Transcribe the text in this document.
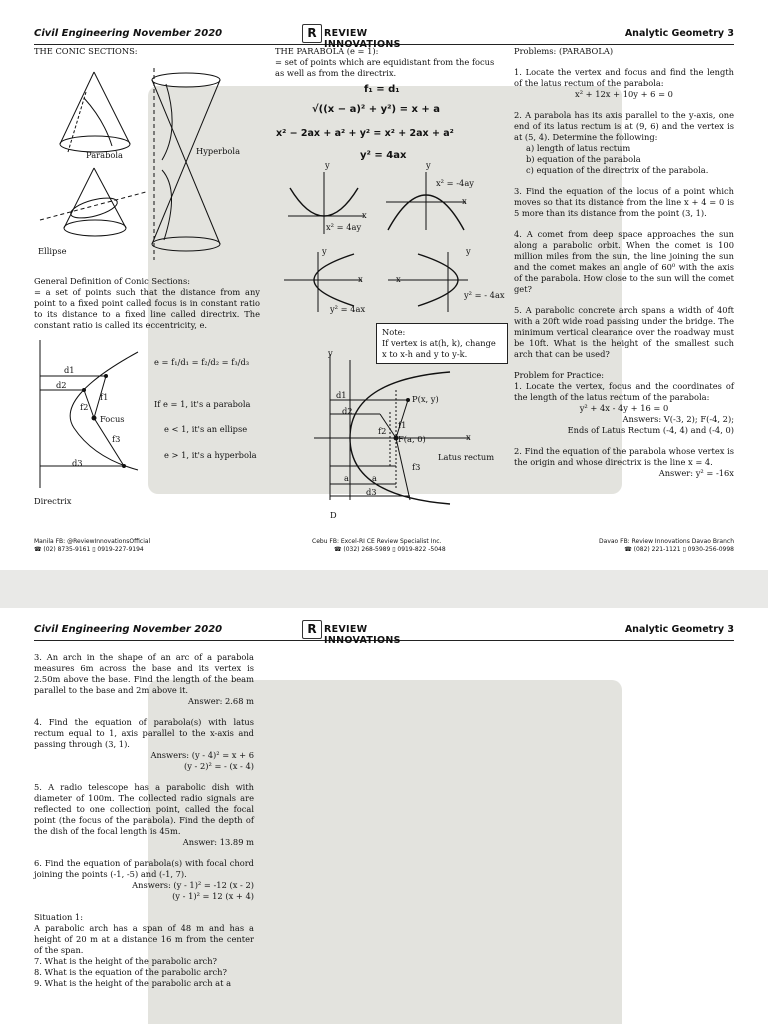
Civil Engineering November 2020	R REVIEW INNOVATIONS
Analytic Geometry 3
THE CONIC SECTIONS:
Parabola	Hyperbola
Ellipse
General Definition of Conic Sections:
= a set of points such that the distance from any point to a fixed point called focus is in constant ratio to its distance to a fixed line called directrix. The constant ratio is called its eccentricity, e.
d1
d2
d3
f1
f2
f3
Focus
Directrix
e = f₁/d₁ = f₂/d₂ = f₃/d₃
If e = 1, it's a parabola
e < 1, it's an ellipse
e > 1, it's a hyperbola
THE PARABOLA (e = 1):
= set of points which are equidistant from the focus as well as from the directrix.
f₁ = d₁
√((x − a)² + y²) = x + a
x² − 2ax + a² + y² = x² + 2ax + a²
y² = 4ax
y
x
y
x
x² = 4ay
x² = -4ay
y
x
y
x
y² = 4ax
y² = - 4ax
Note:
If vertex is at(h, k), change x to x-h and y to y-k.
y
x
P(x, y)
F(a, 0)
Latus rectum
d1
d2
d3
f1
f2
f3
a	a
D
Problems: (PARABOLA)
1. Locate the vertex and focus and find the length of the latus rectum of the parabola:
x² + 12x + 10y + 6 = 0
2. A parabola has its axis parallel to the y-axis, one end of its latus rectum is at (9, 6) and the vertex is at (5, 4). Determine the following:
a) length of latus rectum
b) equation of the parabola
c) equation of the directrix of the parabola.
3. Find the equation of the locus of a point which moves so that its distance from the line x + 4 = 0 is 5 more than its distance from the point (3, 1).
4. A comet from deep space approaches the sun along a parabolic orbit. When the comet is 100 million miles from the sun, the line joining the sun and the comet makes an angle of 60⁰ with the axis of the parabola. How close to the sun will the comet get?
5. A parabolic concrete arch spans a width of 40ft with a 20ft wide road passing under the bridge. The minimum vertical clearance over the roadway must be 10ft. What is the height of the smallest such arch that can be used?
Problem for Practice:
1. Locate the vertex, focus and the coordinates of the length of the latus rectum of the parabola:
y² + 4x - 4y + 16 = 0
Answers: V(-3, 2); F(-4, 2);
Ends of Latus Rectum (-4, 4) and (-4, 0)
2. Find the equation of the parabola whose vertex is the origin and whose directrix is the line x = 4.
Answer: y² = -16x
Manila FB: @ReviewInnovationsOfficial
☎ (02) 8735-9161 ▯ 0919-227-9194
Cebu FB: Excel-RI CE Review Specialist Inc.
☎ (032) 268-5989 ▯ 0919-822 -5048
Davao FB: Review Innovations Davao Branch
☎ (082) 221-1121 ▯ 0930-256-0998
Civil Engineering November 2020	R REVIEW INNOVATIONS
Analytic Geometry 3
3. An arch in the shape of an arc of a parabola measures 6m across the base and its vertex is 2.50m above the base. Find the length of the beam parallel to the base and 2m above it.
Answer: 2.68 m
4. Find the equation of parabola(s) with latus rectum equal to 1, axis parallel to the x-axis and passing through (3, 1).
Answers: (y - 4)² = x + 6
(y - 2)² = - (x - 4)
5. A radio telescope has a parabolic dish with diameter of 100m. The collected radio signals are reflected to one collection point, called the focal point (the focus of the parabola). Find the depth of the dish of the focal length is 45m.
Answer: 13.89 m
6. Find the equation of parabola(s) with focal chord joining the points (-1, -5) and (-1, 7).
Answers: (y - 1)² = -12 (x - 2)
(y - 1)² = 12 (x + 4)
Situation 1:
A parabolic arch has a span of 48 m and has a height of 20 m at a distance 16 m from the center of the span.
7. What is the height of the parabolic arch?
8. What is the equation of the parabolic arch?
9. What is the height of the parabolic arch at a
